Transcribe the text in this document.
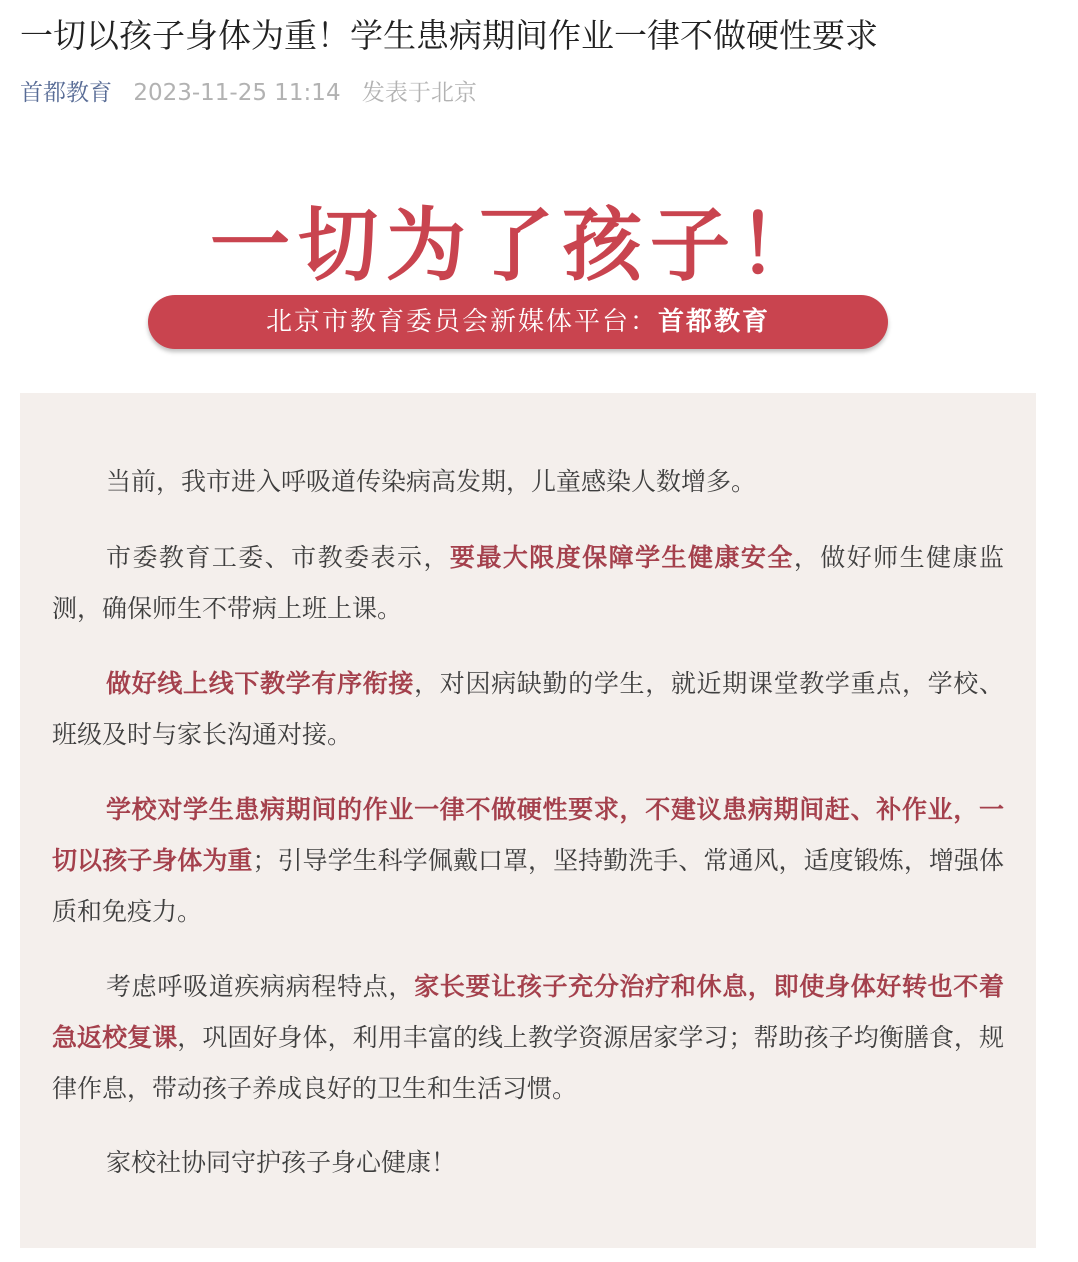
一切以孩子身体为重！学生患病期间作业一律不做硬性要求
首都教育 2023-11-25 11:14 发表于北京
一切为了孩子！
北京市教育委员会新媒体平台：首都教育

当前，我市进入呼吸道传染病高发期，儿童感染人数增多。

市委教育工委、市教委表示，要最大限度保障学生健康安全，做好师生健康监测，确保师生不带病上班上课。

做好线上线下教学有序衔接，对因病缺勤的学生，就近期课堂教学重点，学校、班级及时与家长沟通对接。

学校对学生患病期间的作业一律不做硬性要求，不建议患病期间赶、补作业，一切以孩子身体为重；引导学生科学佩戴口罩，坚持勤洗手、常通风，适度锻炼，增强体质和免疫力。

考虑呼吸道疾病病程特点，家长要让孩子充分治疗和休息，即使身体好转也不着急返校复课，巩固好身体，利用丰富的线上教学资源居家学习；帮助孩子均衡膳食，规律作息，带动孩子养成良好的卫生和生活习惯。

家校社协同守护孩子身心健康！
